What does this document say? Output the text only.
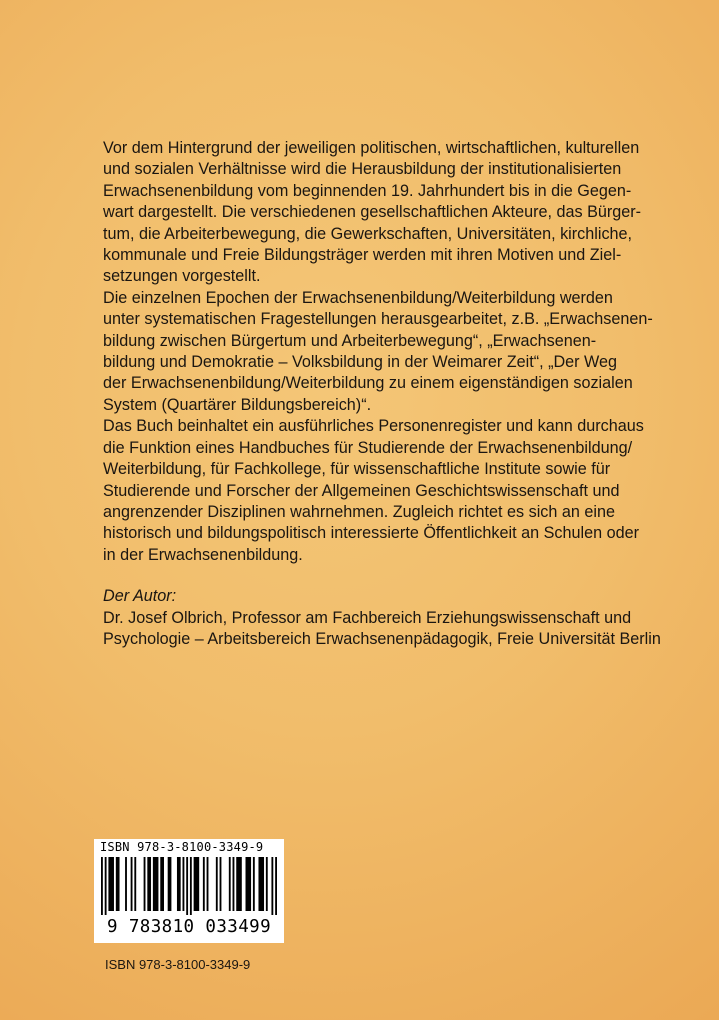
Vor dem Hintergrund der jeweiligen politischen, wirtschaftlichen, kulturellen
und sozialen Verhältnisse wird die Herausbildung der institutionalisierten
Erwachsenenbildung vom beginnenden 19. Jahrhundert bis in die Gegen-
wart dargestellt. Die verschiedenen gesellschaftlichen Akteure, das Bürger-
tum, die Arbeiterbewegung, die Gewerkschaften, Universitäten, kirchliche,
kommunale und Freie Bildungsträger werden mit ihren Motiven und Ziel-
setzungen vorgestellt.

Die einzelnen Epochen der Erwachsenenbildung/Weiterbildung werden
unter systematischen Fragestellungen herausgearbeitet, z.B. „Erwachsenen-
bildung zwischen Bürgertum und Arbeiterbewegung“, „Erwachsenen-
bildung und Demokratie – Volksbildung in der Weimarer Zeit“, „Der Weg
der Erwachsenenbildung/Weiterbildung zu einem eigenständigen sozialen
System (Quartärer Bildungsbereich)“.

Das Buch beinhaltet ein ausführliches Personenregister und kann durchaus
die Funktion eines Handbuches für Studierende der Erwachsenenbildung/
Weiterbildung, für Fachkollege, für wissenschaftliche Institute sowie für
Studierende und Forscher der Allgemeinen Geschichtswissenschaft und
angrenzender Disziplinen wahrnehmen. Zugleich richtet es sich an eine
historisch und bildungspolitisch interessierte Öffentlichkeit an Schulen oder
in der Erwachsenenbildung.

Der Autor:

Dr. Josef Olbrich, Professor am Fachbereich Erziehungswissenschaft und
Psychologie – Arbeitsbereich Erwachsenenpädagogik, Freie Universität Berlin

ISBN 978-3-8100-3349-9
9 783810 033499
ISBN 978-3-8100-3349-9
